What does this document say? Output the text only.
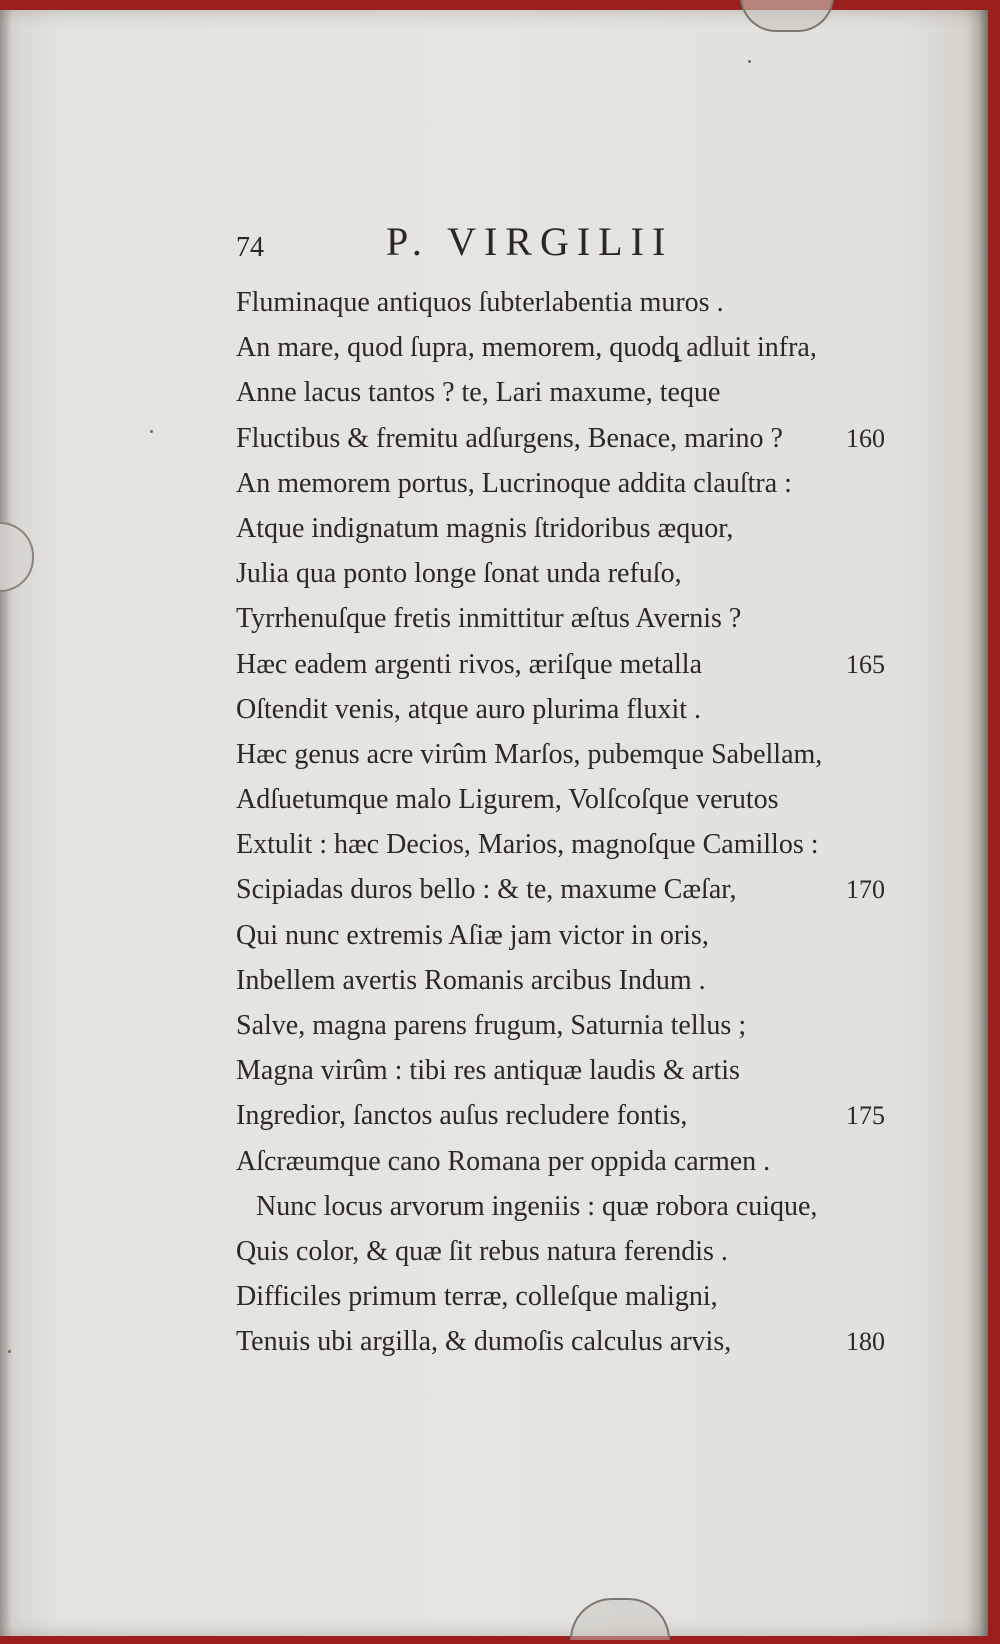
74	P. VIRGILII
Fluminaque antiquos ſubterlabentia muros .
An mare, quod ſupra, memorem, quodq̨ adluit infra,
Anne lacus tantos ? te, Lari maxume, teque
Fluctibus & fremitu adſurgens, Benace, marino ? 160
An memorem portus, Lucrinoque addita clauſtra :
Atque indignatum magnis ſtridoribus æquor,
Julia qua ponto longe ſonat unda refuſo,
Tyrrhenuſque fretis inmittitur æſtus Avernis ?
Hæc eadem argenti rivos, æriſque metalla	165
Oſtendit venis, atque auro plurima fluxit .
Hæc genus acre virûm Marſos, pubemque Sabellam,
Adſuetumque malo Ligurem, Volſcoſque verutos
Extulit : hæc Decios, Marios, magnoſque Camillos :
Scipiadas duros bello : & te, maxume Cæſar,	170
Qui nunc extremis Aſiæ jam victor in oris,
Inbellem avertis Romanis arcibus Indum .
Salve, magna parens frugum, Saturnia tellus ;
Magna virûm : tibi res antiquæ laudis & artis
Ingredior, ſanctos auſus recludere fontis,	175
Aſcræumque cano Romana per oppida carmen .
Nunc locus arvorum ingeniis : quæ robora cuique,
Quis color, & quæ ſit rebus natura ferendis .
Difficiles primum terræ, colleſque maligni,
Tenuis ubi argilla, & dumoſis calculus arvis,	180
